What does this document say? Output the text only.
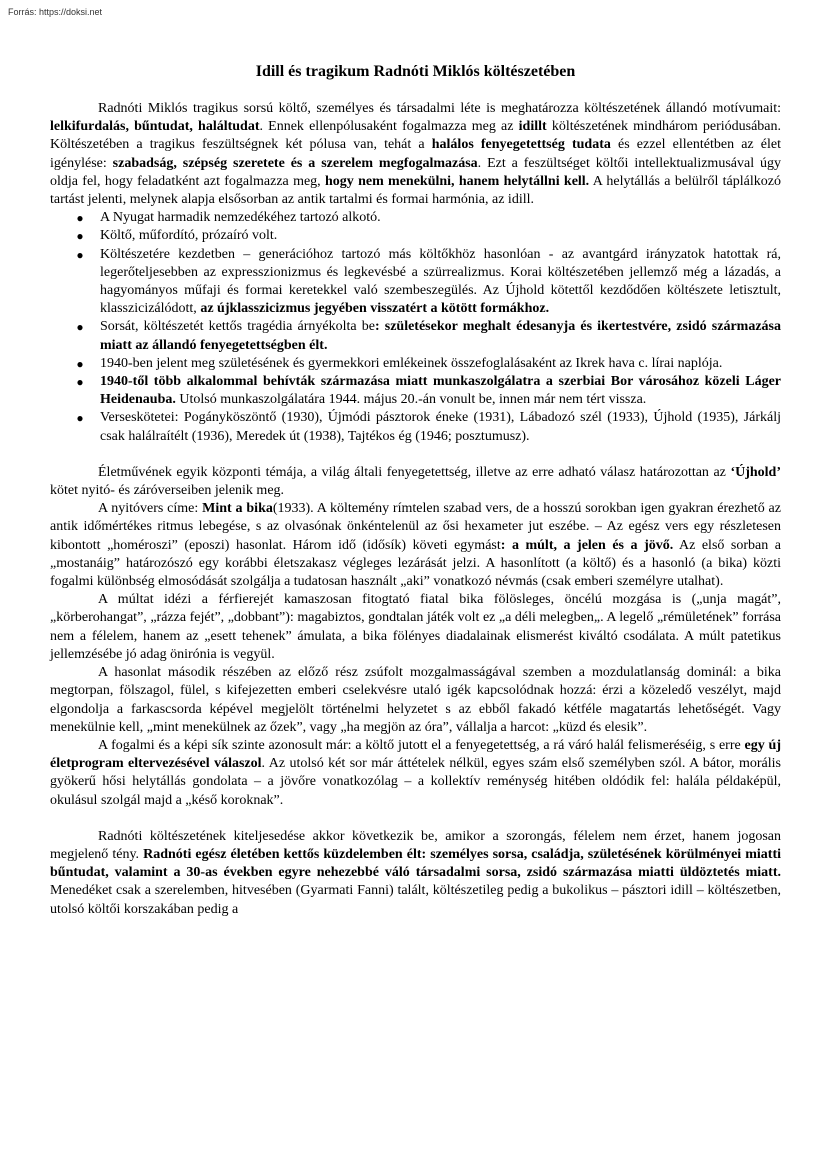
Forrás: https://doksi.net
Idill és tragikum Radnóti Miklós költészetében

Radnóti Miklós tragikus sorsú költő, személyes és társadalmi léte is meghatározza költészetének állandó motívumait: lelkifurdalás, bűntudat, haláltudat. Ennek ellenpólusaként fogalmazza meg az idillt költészetének mindhárom periódusában. Költészetében a tragikus feszültségnek két pólusa van, tehát a halálos fenyegetettség tudata és ezzel ellentétben az élet igénylése: szabadság, szépség szeretete és a szerelem megfogalmazása. Ezt a feszültséget költői intellektualizmusával úgy oldja fel, hogy feladatként azt fogalmazza meg, hogy nem menekülni, hanem helytállni kell. A helytállás a belülről táplálkozó tartást jelenti, melynek alapja elsősorban az antik tartalmi és formai harmónia, az idill.

● A Nyugat harmadik nemzedékéhez tartozó alkotó.
● Költő, műfordító, prózaíró volt.
● Költészetére kezdetben – generációhoz tartozó más költőkhöz hasonlóan - az avantgárd irányzatok hatottak rá, legerőteljesebben az expresszionizmus és legkevésbé a szürrealizmus. Korai költészetében jellemző még a lázadás, a hagyományos műfaji és formai keretekkel való szembeszegülés. Az Újhold kötettől kezdődően költészete letisztult, klasszicizálódott, az újklasszicizmus jegyében visszatért a kötött formákhoz.
● Sorsát, költészetét kettős tragédia árnyékolta be: születésekor meghalt édesanyja és ikertestvére, zsidó származása miatt az állandó fenyegetettségben élt.
● 1940-ben jelent meg születésének és gyermekkori emlékeinek összefoglalásaként az Ikrek hava c. lírai naplója.
● 1940-től több alkalommal behívták származása miatt munkaszolgálatra a szerbiai Bor városához közeli Láger Heidenauba. Utolsó munkaszolgálatára 1944. május 20.-án vonult be, innen már nem tért vissza.
● Verseskötetei: Pogányköszöntő (1930), Újmódi pásztorok éneke (1931), Lábadozó szél (1933), Újhold (1935), Járkálj csak halálraítélt (1936), Meredek út (1938), Tajtékos ég (1946; posztumusz).

Életművének egyik központi témája, a világ általi fenyegetettség, illetve az erre adható válasz határozottan az ‘Újhold’ kötet nyitó- és záróverseiben jelenik meg.

A nyitóvers címe: Mint a bika(1933). A költemény rímtelen szabad vers, de a hosszú sorokban igen gyakran érezhető az antik időmértékes ritmus lebegése, s az olvasónak önkéntelenül az ősi hexameter jut eszébe. – Az egész vers egy részletesen kibontott „homéroszi” (eposzi) hasonlat. Három idő (idősík) követi egymást: a múlt, a jelen és a jövő. Az első sorban a „mostanáig” határozószó egy korábbi életszakasz végleges lezárását jelzi. A hasonlított (a költő) és a hasonló (a bika) közti fogalmi különbség elmosódását szolgálja a tudatosan használt „aki” vonatkozó névmás (csak emberi személyre utalhat).

A múltat idézi a férfierejét kamaszosan fitogtató fiatal bika fölösleges, öncélú mozgása is („unja magát”, „körberohangat”, „rázza fejét”, „dobbant”): magabiztos, gondtalan játék volt ez „a déli melegben„. A legelő „rémületének” forrása nem a félelem, hanem az „esett tehenek” ámulata, a bika fölényes diadalainak elismerést kiváltó csodálata. A múlt patetikus jellemzésébe jó adag önirónia is vegyül.

A hasonlat második részében az előző rész zsúfolt mozgalmasságával szemben a mozdulatlanság dominál: a bika megtorpan, fölszagol, fülel, s kifejezetten emberi cselekvésre utaló igék kapcsolódnak hozzá: érzi a közeledő veszélyt, majd elgondolja a farkascsorda képével megjelölt történelmi helyzetet s az ebből fakadó kétféle magatartás lehetőségét. Vagy menekülnie kell, „mint menekülnek az őzek”, vagy „ha megjön az óra”, vállalja a harcot: „küzd és elesik”.

A fogalmi és a képi sík szinte azonosult már: a költő jutott el a fenyegetettség, a rá váró halál felismeréséig, s erre egy új életprogram eltervezésével válaszol. Az utolsó két sor már áttételek nélkül, egyes szám első személyben szól. A bátor, morális gyökerű hősi helytállás gondolata – a jövőre vonatkozólag – a kollektív reménység hitében oldódik fel: halála példaképül, okulásul szolgál majd a „késő koroknak”.

Radnóti költészetének kiteljesedése akkor következik be, amikor a szorongás, félelem nem érzet, hanem jogosan megjelenő tény. Radnóti egész életében kettős küzdelemben élt: személyes sorsa, családja, születésének körülményei miatti bűntudat, valamint a 30-as években egyre nehezebbé váló társadalmi sorsa, zsidó származása miatti üldöztetés miatt. Menedéket csak a szerelemben, hitvesében (Gyarmati Fanni) talált, költészetileg pedig a bukolikus – pásztori idill – költészetben, utolsó költői korszakában pedig a
